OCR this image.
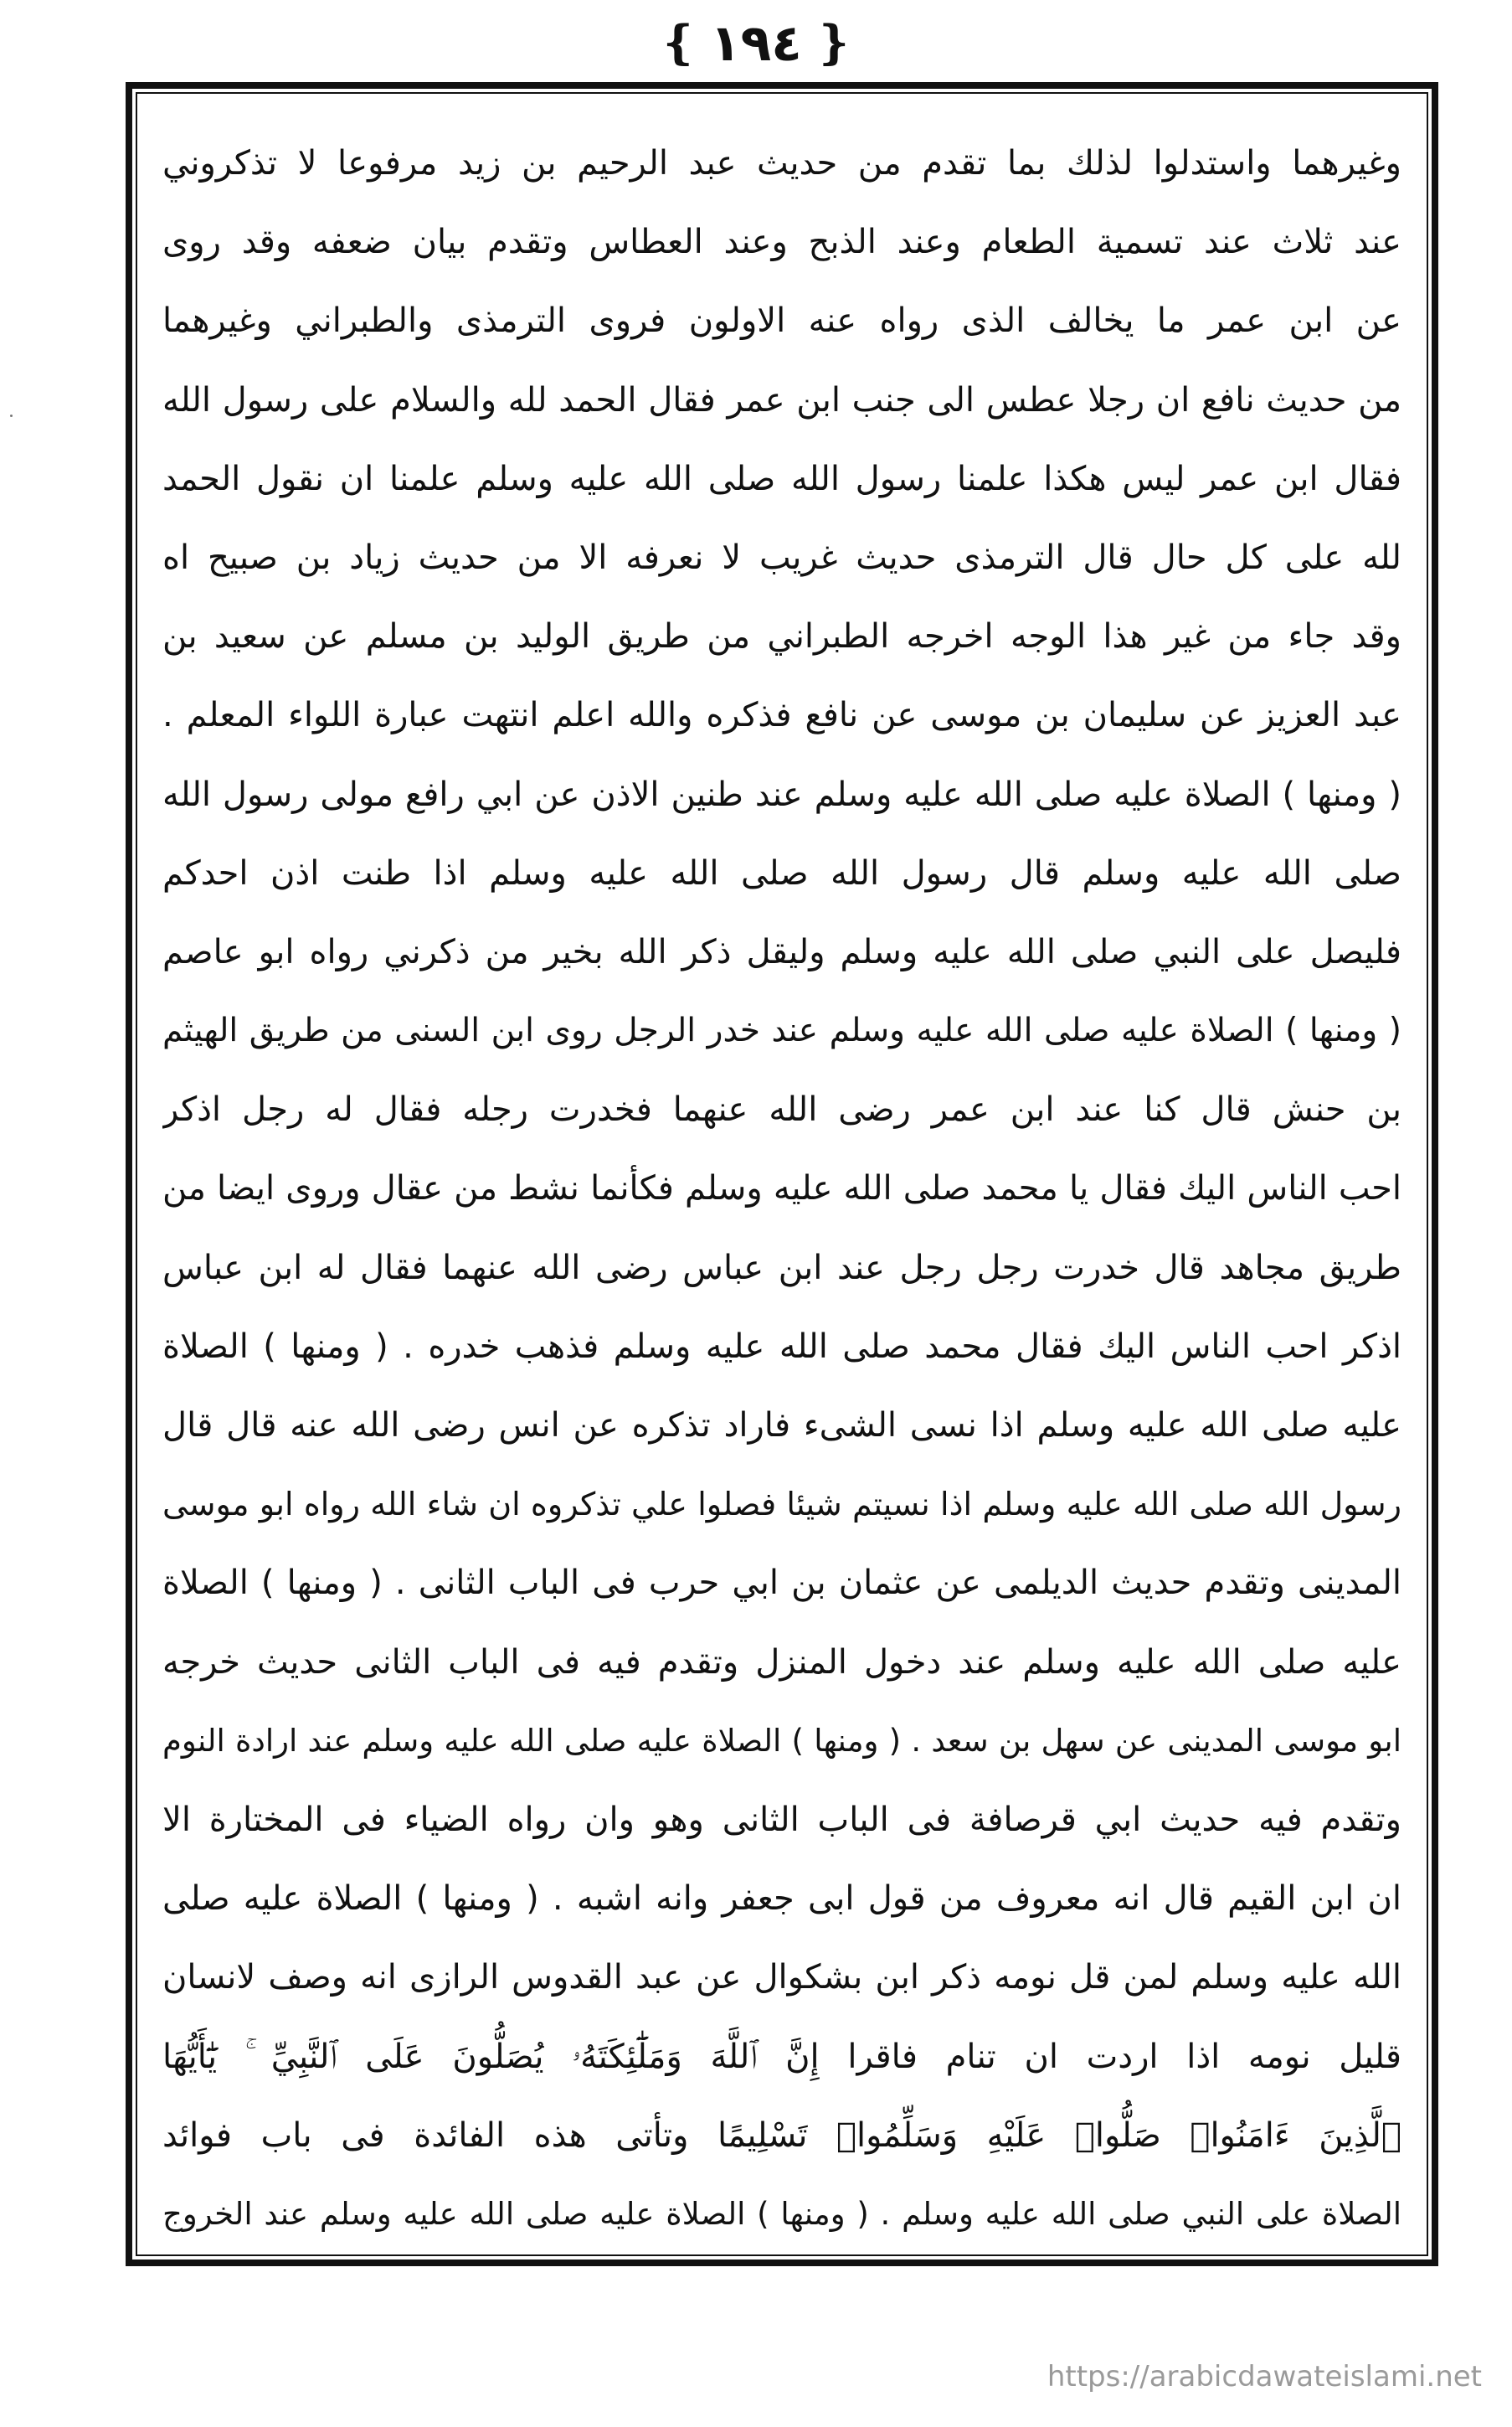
❴ ١٩٤ ❵
وغيرهما واستدلوا لذلك بما تقدم من حديث عبد الرحيم بن زيد مرفوعا لا تذكروني
عند ثلاث عند تسمية الطعام وعند الذبح وعند العطاس وتقدم بيان ضعفه وقد روى
عن ابن عمر ما يخالف الذى رواه عنه الاولون فروى الترمذى والطبراني وغيرهما
من حديث نافع ان رجلا عطس الى جنب ابن عمر فقال الحمد لله والسلام على رسول الله
فقال ابن عمر ليس هكذا علمنا رسول الله صلى الله عليه وسلم علمنا ان نقول الحمد
لله على كل حال قال الترمذى حديث غريب لا نعرفه الا من حديث زياد بن صبيح اه
وقد جاء من غير هذا الوجه اخرجه الطبراني من طريق الوليد بن مسلم عن سعيد بن
عبد العزيز عن سليمان بن موسى عن نافع فذكره والله اعلم انتهت عبارة اللواء المعلم .
( ومنها ) الصلاة عليه صلى الله عليه وسلم عند طنين الاذن عن ابي رافع مولى رسول الله
صلى الله عليه وسلم قال رسول الله صلى الله عليه وسلم اذا طنت اذن احدكم
فليصل على النبي صلى الله عليه وسلم وليقل ذكر الله بخير من ذكرني رواه ابو عاصم
( ومنها ) الصلاة عليه صلى الله عليه وسلم عند خدر الرجل روى ابن السنى من طريق الهيثم
بن حنش قال كنا عند ابن عمر رضى الله عنهما فخدرت رجله فقال له رجل اذكر
احب الناس اليك فقال يا محمد صلى الله عليه وسلم فكأنما نشط من عقال وروى ايضا من
طريق مجاهد قال خدرت رجل رجل عند ابن عباس رضى الله عنهما فقال له ابن عباس
اذكر احب الناس اليك فقال محمد صلى الله عليه وسلم فذهب خدره . ( ومنها ) الصلاة
عليه صلى الله عليه وسلم اذا نسى الشىء فاراد تذكره عن انس رضى الله عنه قال قال
رسول الله صلى الله عليه وسلم اذا نسيتم شيئا فصلوا علي تذكروه ان شاء الله رواه ابو موسى
المدينى وتقدم حديث الديلمى عن عثمان بن ابي حرب فى الباب الثانى . ( ومنها ) الصلاة
عليه صلى الله عليه وسلم عند دخول المنزل وتقدم فيه فى الباب الثانى حديث خرجه
ابو موسى المدينى عن سهل بن سعد . ( ومنها ) الصلاة عليه صلى الله عليه وسلم عند ارادة النوم
وتقدم فيه حديث ابي قرصافة فى الباب الثانى وهو وان رواه الضياء فى المختارة الا
ان ابن القيم قال انه معروف من قول ابى جعفر وانه اشبه . ( ومنها ) الصلاة عليه صلى
الله عليه وسلم لمن قل نومه ذكر ابن بشكوال عن عبد القدوس الرازى انه وصف لانسان
قليل نومه اذا اردت ان تنام فاقرا إِنَّ ٱللَّهَ وَمَلَٰٓئِكَتَهُۥ يُصَلُّونَ عَلَى ٱلنَّبِيِّ ۚ يَٰٓأَيُّهَا
ٱلَّذِينَ ءَامَنُوا۟ صَلُّوا۟ عَلَيْهِ وَسَلِّمُوا۟ تَسْلِيمًا وتأتى هذه الفائدة فى باب فوائد
الصلاة على النبي صلى الله عليه وسلم . ( ومنها ) الصلاة عليه صلى الله عليه وسلم عند الخروج
https://arabicdawateislami.net
